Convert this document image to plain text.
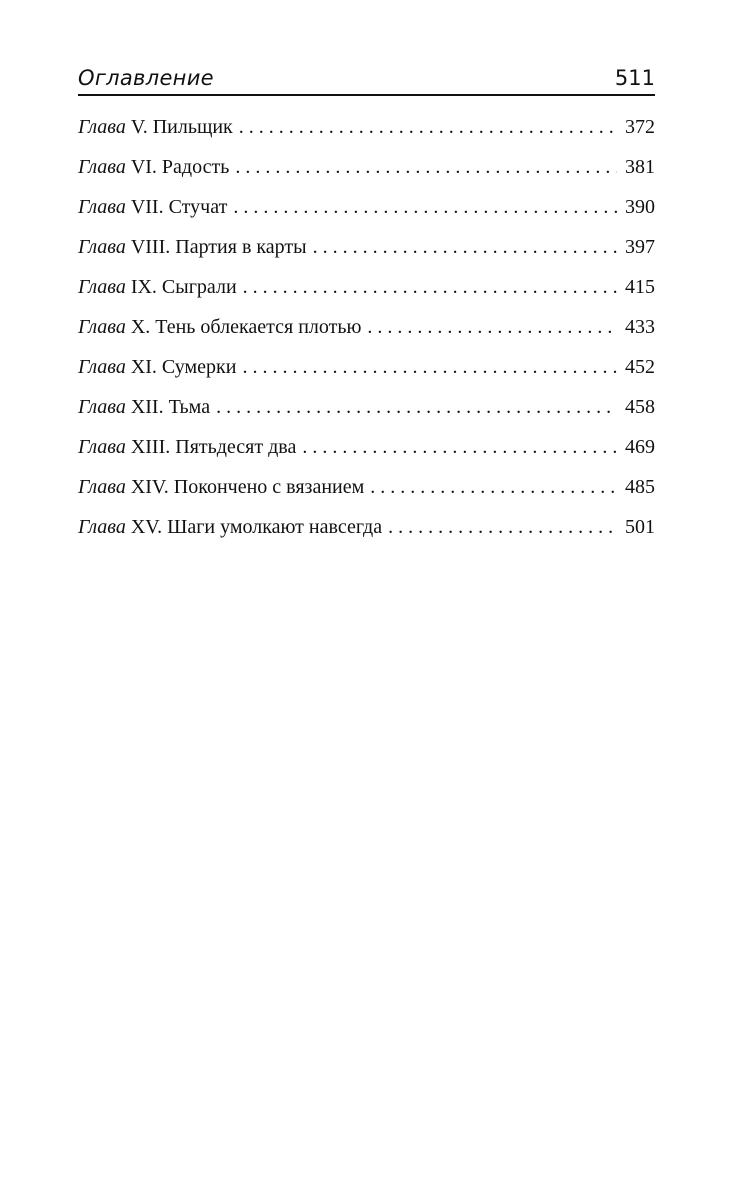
Оглавление	511
Глава V. Пильщик . . .	372
Глава VI. Радость . . .	381
Глава VII. Стучат . . .	390
Глава VIII. Партия в карты . . .	397
Глава IX. Сыграли . . .	415
Глава X. Тень облекается плотью . . .	433
Глава XI. Сумерки . . .	452
Глава XII. Тьма . . .	458
Глава XIII. Пятьдесят два . . .	469
Глава XIV. Покончено с вязанием . . .	485
Глава XV. Шаги умолкают навсегда . . .	501
